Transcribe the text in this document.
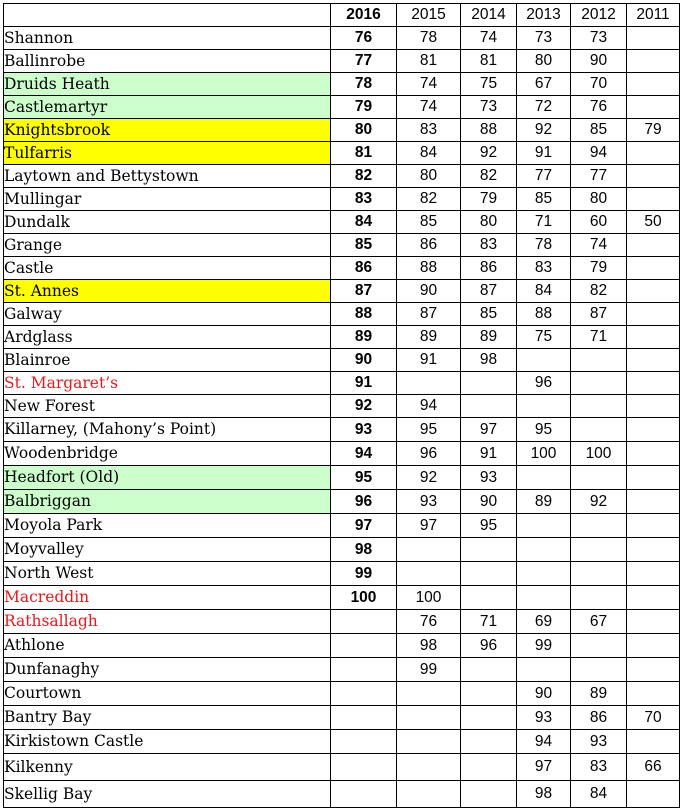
	2016	2015	2014	2013	2012	2011
Shannon	76	78	74	73	73	
Ballinrobe	77	81	81	80	90	
Druids Heath	78	74	75	67	70	
Castlemartyr	79	74	73	72	76	
Knightsbrook	80	83	88	92	85	79
Tulfarris	81	84	92	91	94	
Laytown and Bettystown	82	80	82	77	77	
Mullingar	83	82	79	85	80	
Dundalk	84	85	80	71	60	50
Grange	85	86	83	78	74	
Castle	86	88	86	83	79	
St. Annes	87	90	87	84	82	
Galway	88	87	85	88	87	
Ardglass	89	89	89	75	71	
Blainroe	90	91	98			
St. Margaret’s	91			96		
New Forest	92	94				
Killarney, (Mahony’s Point)	93	95	97	95		
Woodenbridge	94	96	91	100	100	
Headfort (Old)	95	92	93			
Balbriggan	96	93	90	89	92	
Moyola Park	97	97	95			
Moyvalley	98					
North West	99					
Macreddin	100	100				
Rathsallagh		76	71	69	67	
Athlone		98	96	99		
Dunfanaghy		99				
Courtown				90	89	
Bantry Bay				93	86	70
Kirkistown Castle				94	93	
Kilkenny				97	83	66
Skellig Bay				98	84	
